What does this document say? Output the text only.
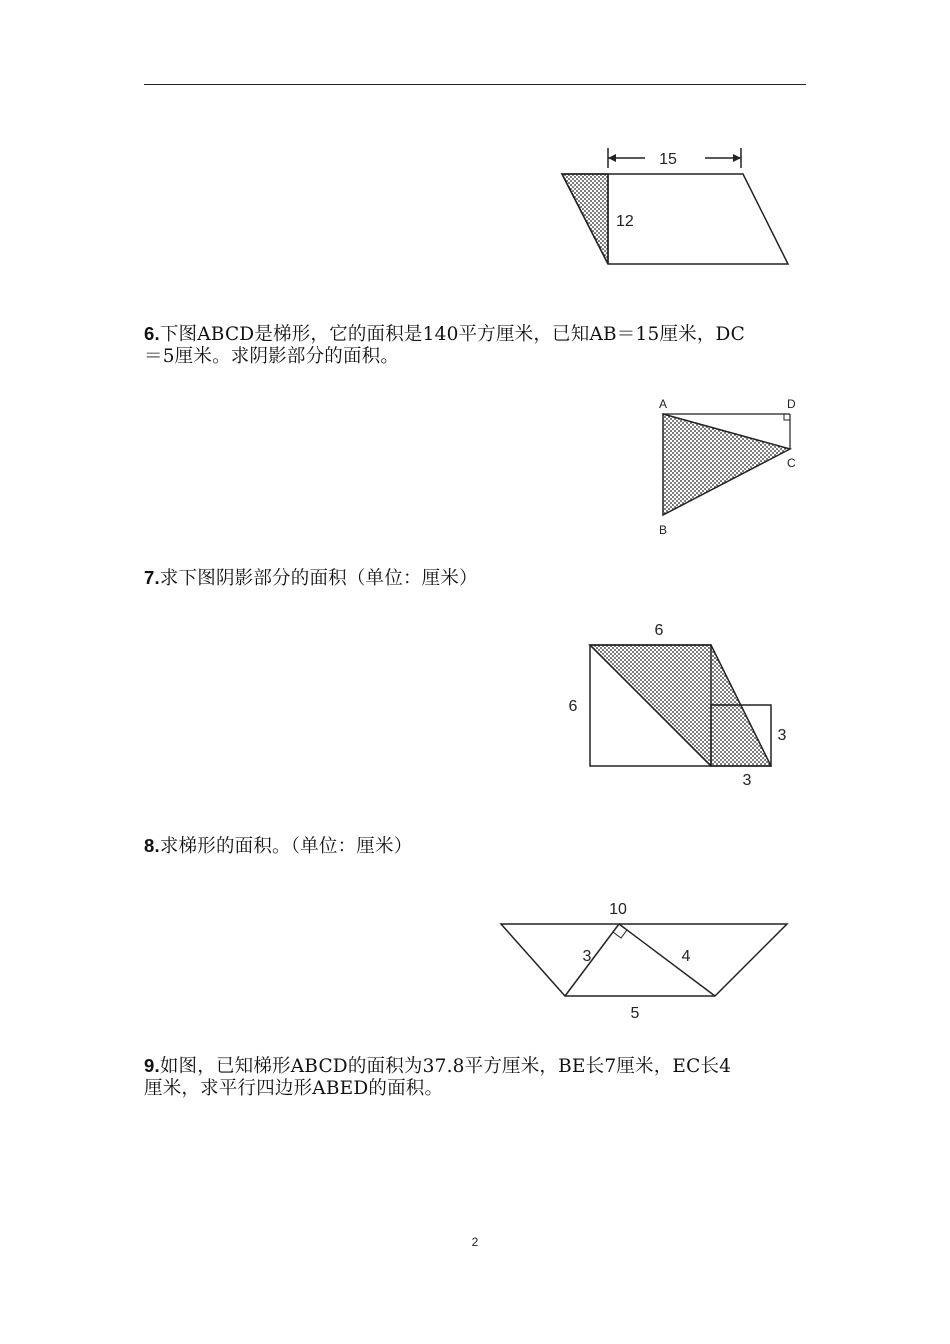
15
12
6.下图ABCD是梯形，它的面积是140平方厘米，已知AB＝15厘米，DC
＝5厘米。求阴影部分的面积。
A	D
C
B
7.求下图阴影部分的面积（单位：厘米）
6
6
3
3
8.求梯形的面积。（单位：厘米）
10
3	4
5
9.如图，已知梯形ABCD的面积为37.8平方厘米，BE长7厘米，EC长4
厘米，求平行四边形ABED的面积。
2
